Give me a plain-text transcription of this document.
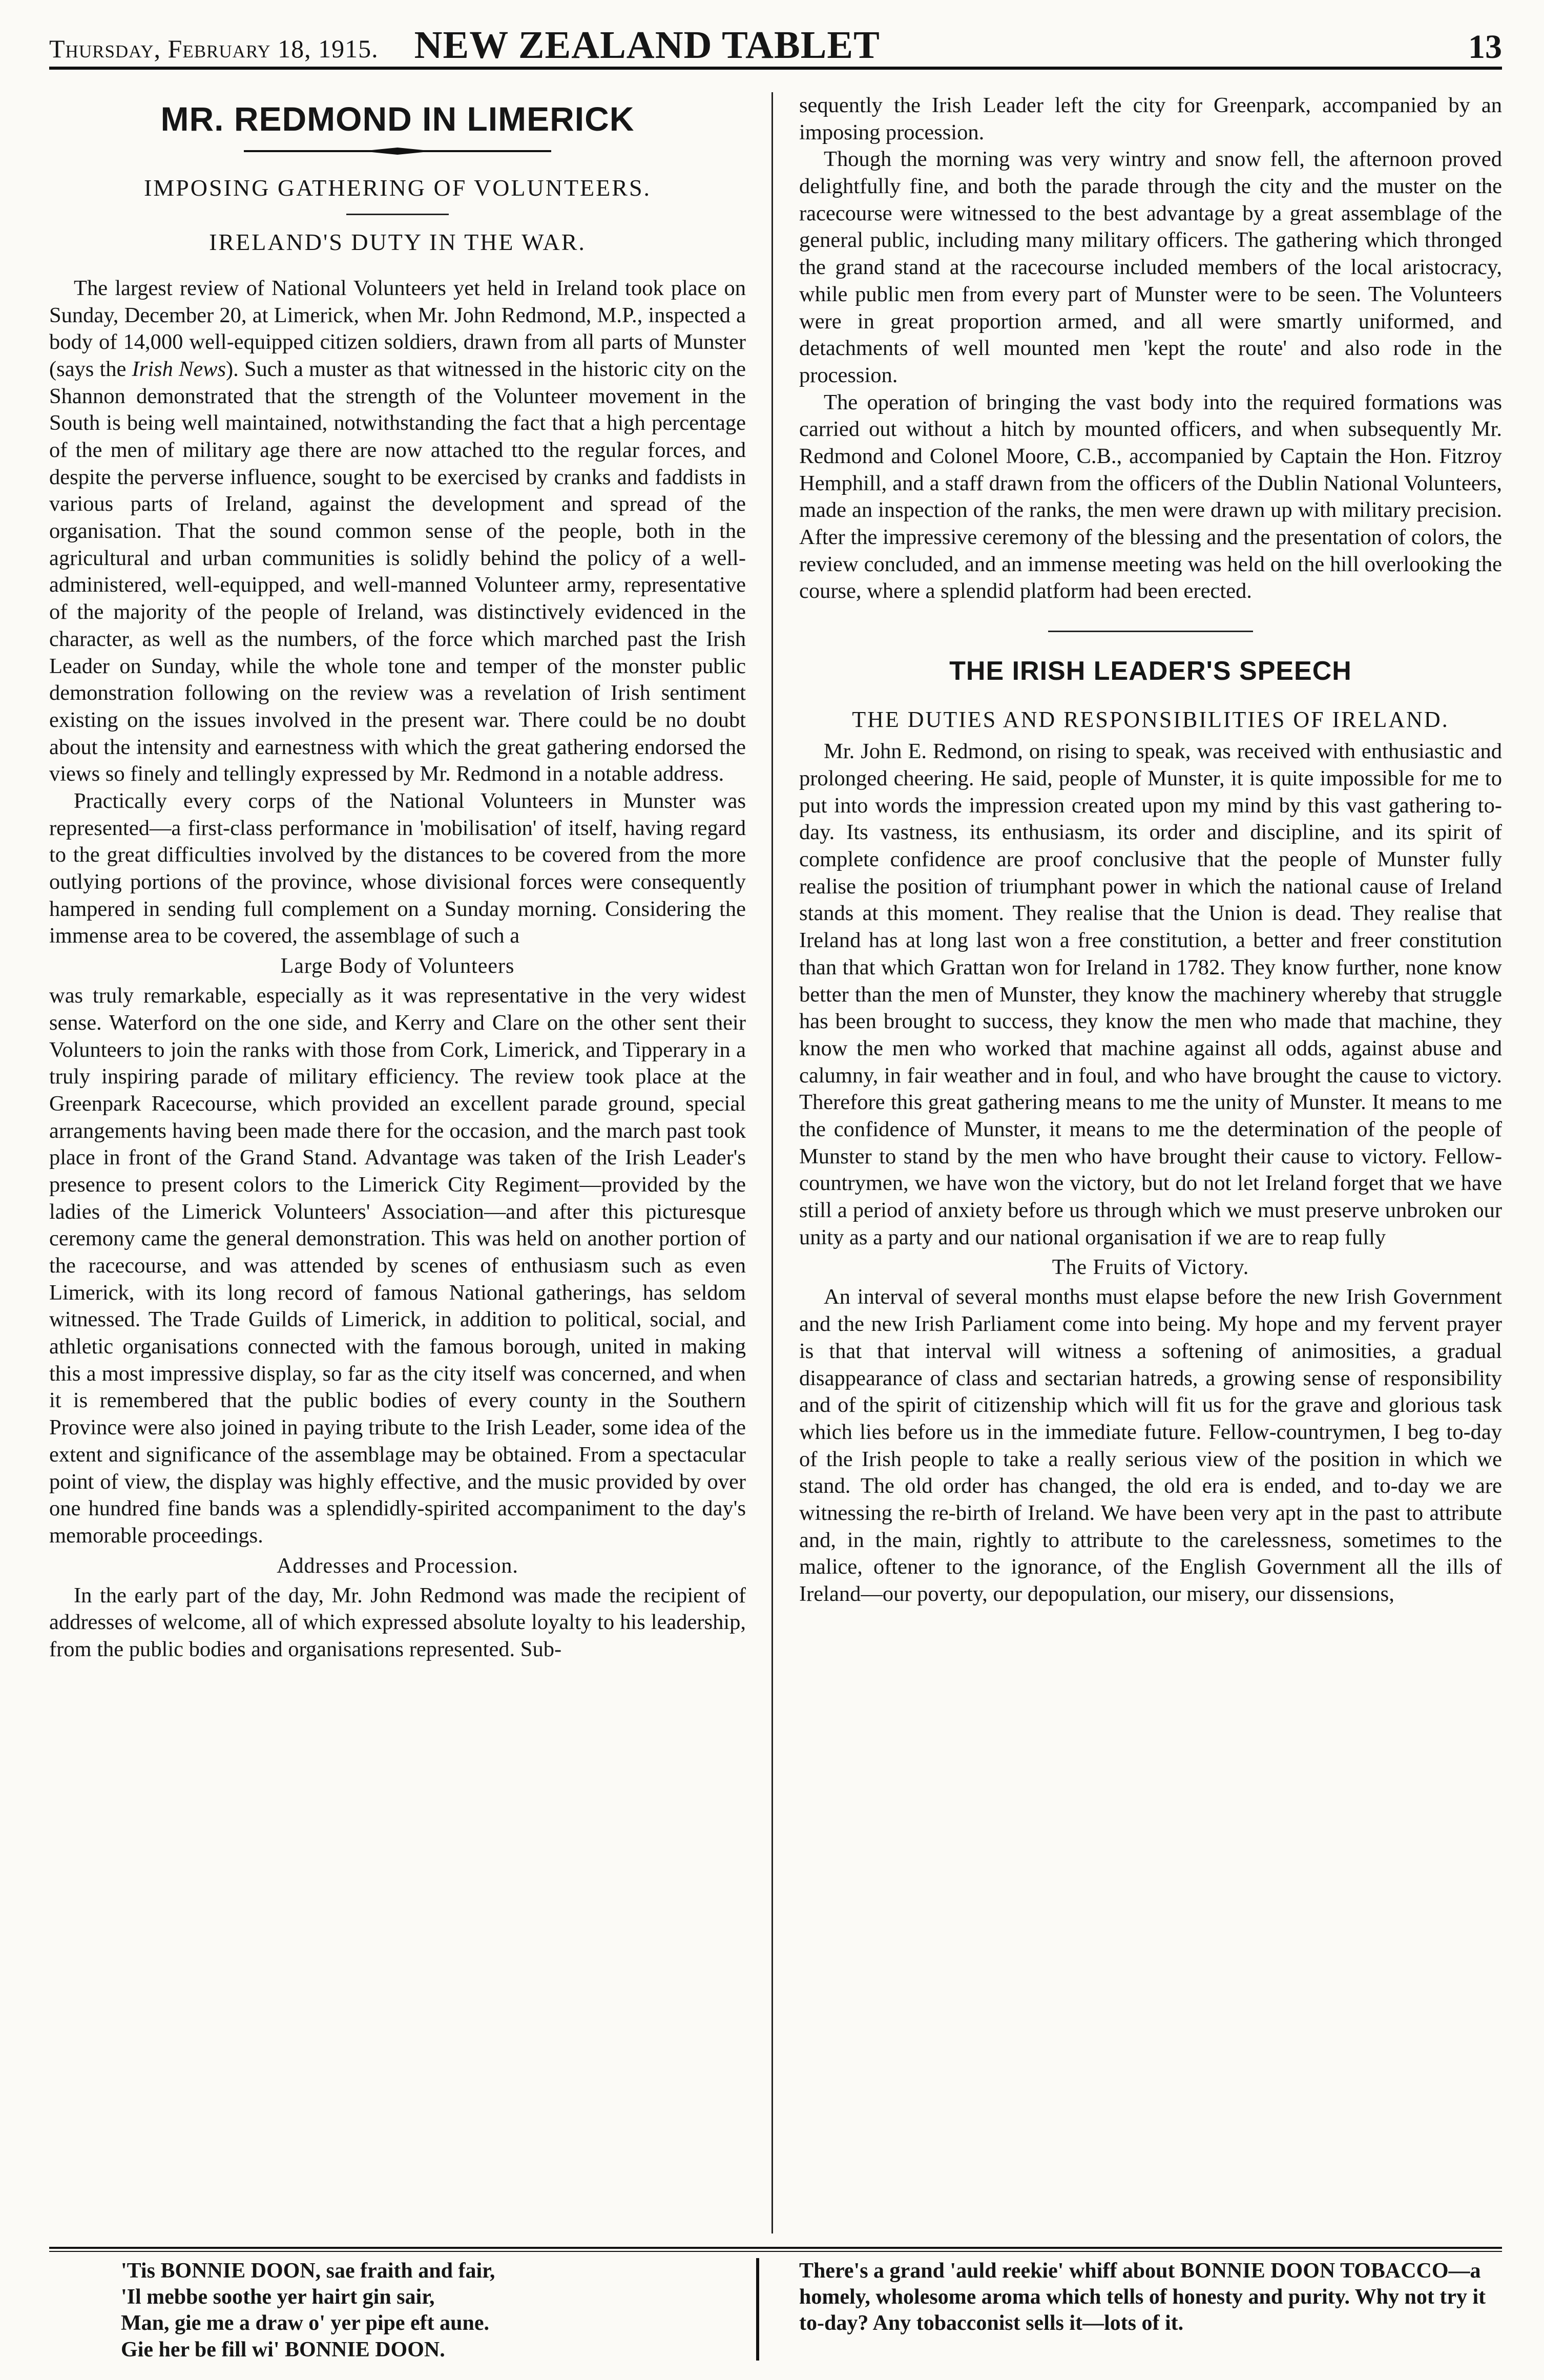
Thursday, February 18, 1915. NEW ZEALAND TABLET	13
MR. REDMOND IN LIMERICK
IMPOSING GATHERING OF VOLUNTEERS.
IRELAND'S DUTY IN THE WAR.

The largest review of National Volunteers yet held in Ireland took place on Sunday, December 20, at Limerick, when Mr. John Redmond, M.P., inspected a body of 14,000 well-equipped citizen soldiers, drawn from all parts of Munster (says the Irish News). Such a muster as that witnessed in the historic city on the Shannon demonstrated that the strength of the Volunteer movement in the South is being well maintained, notwithstanding the fact that a high percentage of the men of military age there are now attached tto the regular forces, and despite the perverse influence, sought to be exercised by cranks and faddists in various parts of Ireland, against the development and spread of the organisation. That the sound common sense of the people, both in the agricultural and urban communities is solidly behind the policy of a well-administered, well-equipped, and well-manned Volunteer army, representative of the majority of the people of Ireland, was distinctively evidenced in the character, as well as the numbers, of the force which marched past the Irish Leader on Sunday, while the whole tone and temper of the monster public demonstration following on the review was a revelation of Irish sentiment existing on the issues involved in the present war. There could be no doubt about the intensity and earnestness with which the great gathering endorsed the views so finely and tellingly expressed by Mr. Redmond in a notable address.

Practically every corps of the National Volunteers in Munster was represented—a first-class performance in 'mobilisation' of itself, having regard to the great difficulties involved by the distances to be covered from the more outlying portions of the province, whose divisional forces were consequently hampered in sending full complement on a Sunday morning. Considering the immense area to be covered, the assemblage of such a

Large Body of Volunteers

was truly remarkable, especially as it was representative in the very widest sense. Waterford on the one side, and Kerry and Clare on the other sent their Volunteers to join the ranks with those from Cork, Limerick, and Tipperary in a truly inspiring parade of military efficiency. The review took place at the Greenpark Racecourse, which provided an excellent parade ground, special arrangements having been made there for the occasion, and the march past took place in front of the Grand Stand. Advantage was taken of the Irish Leader's presence to present colors to the Limerick City Regiment—provided by the ladies of the Limerick Volunteers' Association—and after this picturesque ceremony came the general demonstration. This was held on another portion of the racecourse, and was attended by scenes of enthusiasm such as even Limerick, with its long record of famous National gatherings, has seldom witnessed. The Trade Guilds of Limerick, in addition to political, social, and athletic organisations connected with the famous borough, united in making this a most impressive display, so far as the city itself was concerned, and when it is remembered that the public bodies of every county in the Southern Province were also joined in paying tribute to the Irish Leader, some idea of the extent and significance of the assemblage may be obtained. From a spectacular point of view, the display was highly effective, and the music provided by over one hundred fine bands was a splendidly-spirited accompaniment to the day's memorable proceedings.

Addresses and Procession.

In the early part of the day, Mr. John Redmond was made the recipient of addresses of welcome, all of which expressed absolute loyalty to his leadership, from the public bodies and organisations represented. Sub-

sequently the Irish Leader left the city for Greenpark, accompanied by an imposing procession.

Though the morning was very wintry and snow fell, the afternoon proved delightfully fine, and both the parade through the city and the muster on the racecourse were witnessed to the best advantage by a great assemblage of the general public, including many military officers. The gathering which thronged the grand stand at the racecourse included members of the local aristocracy, while public men from every part of Munster were to be seen. The Volunteers were in great proportion armed, and all were smartly uniformed, and detachments of well mounted men 'kept the route' and also rode in the procession.

The operation of bringing the vast body into the required formations was carried out without a hitch by mounted officers, and when subsequently Mr. Redmond and Colonel Moore, C.B., accompanied by Captain the Hon. Fitzroy Hemphill, and a staff drawn from the officers of the Dublin National Volunteers, made an inspection of the ranks, the men were drawn up with military precision. After the impressive ceremony of the blessing and the presentation of colors, the review concluded, and an immense meeting was held on the hill overlooking the course, where a splendid platform had been erected.

THE IRISH LEADER'S SPEECH
THE DUTIES AND RESPONSIBILITIES OF IRELAND.

Mr. John E. Redmond, on rising to speak, was received with enthusiastic and prolonged cheering. He said, people of Munster, it is quite impossible for me to put into words the impression created upon my mind by this vast gathering to-day. Its vastness, its enthusiasm, its order and discipline, and its spirit of complete confidence are proof conclusive that the people of Munster fully realise the position of triumphant power in which the national cause of Ireland stands at this moment. They realise that the Union is dead. They realise that Ireland has at long last won a free constitution, a better and freer constitution than that which Grattan won for Ireland in 1782. They know further, none know better than the men of Munster, they know the machinery whereby that struggle has been brought to success, they know the men who made that machine, they know the men who worked that machine against all odds, against abuse and calumny, in fair weather and in foul, and who have brought the cause to victory. Therefore this great gathering means to me the unity of Munster. It means to me the confidence of Munster, it means to me the determination of the people of Munster to stand by the men who have brought their cause to victory. Fellow-countrymen, we have won the victory, but do not let Ireland forget that we have still a period of anxiety before us through which we must preserve unbroken our unity as a party and our national organisation if we are to reap fully

The Fruits of Victory.

An interval of several months must elapse before the new Irish Government and the new Irish Parliament come into being. My hope and my fervent prayer is that that interval will witness a softening of animosities, a gradual disappearance of class and sectarian hatreds, a growing sense of responsibility and of the spirit of citizenship which will fit us for the grave and glorious task which lies before us in the immediate future. Fellow-countrymen, I beg to-day of the Irish people to take a really serious view of the position in which we stand. The old order has changed, the old era is ended, and to-day we are witnessing the re-birth of Ireland. We have been very apt in the past to attribute and, in the main, rightly to attribute to the carelessness, sometimes to the malice, oftener to the ignorance, of the English Government all the ills of Ireland—our poverty, our depopulation, our misery, our dissensions,

'Tis BONNIE DOON, sae fraith and fair,
'Il mebbe soothe yer hairt gin sair,
Man, gie me a draw o' yer pipe eft aune.
Gie her be fill wi' BONNIE DOON.
There's a grand 'auld reekie' whiff about BONNIE DOON TOBACCO—a homely, wholesome aroma which tells of honesty and purity. Why not try it to-day? Any tobacconist sells it—lots of it.
